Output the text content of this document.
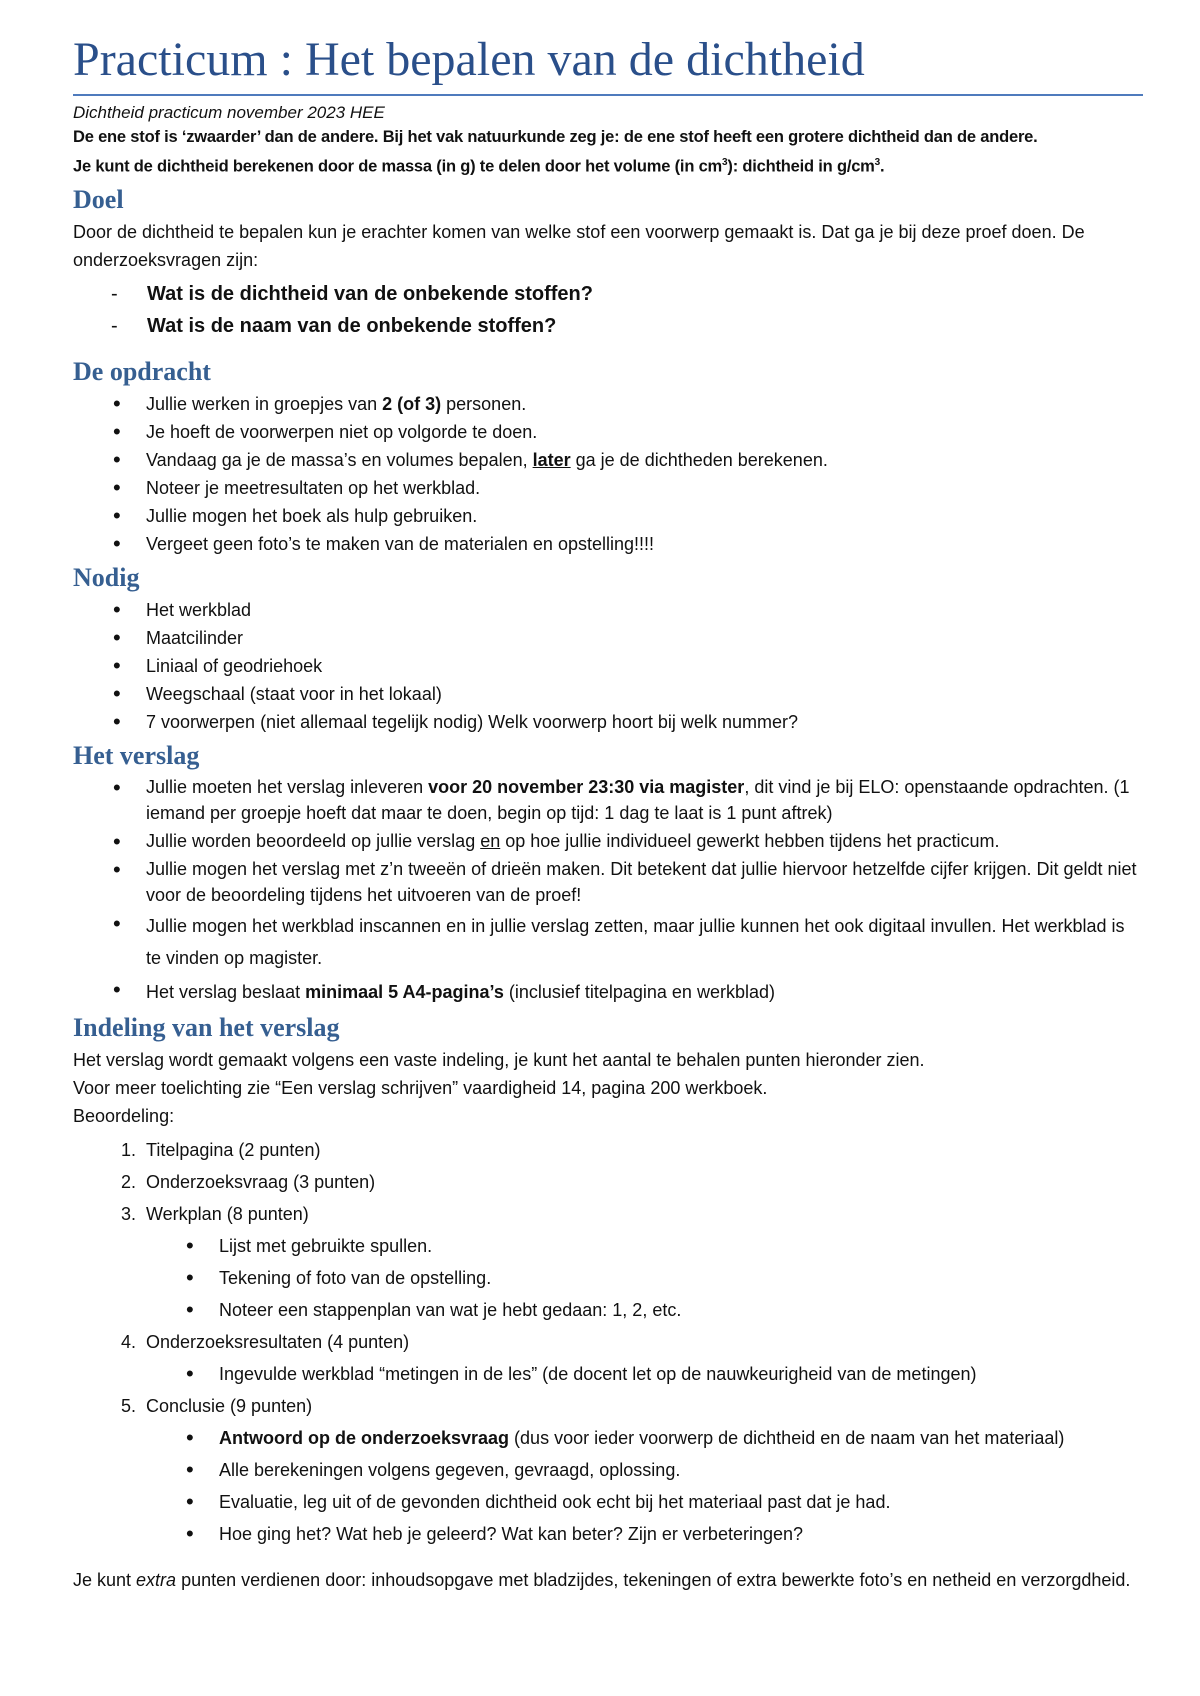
Practicum : Het bepalen van de dichtheid
Dichtheid practicum november 2023 HEE
De ene stof is ‘zwaarder’ dan de andere. Bij het vak natuurkunde zeg je: de ene stof heeft een grotere dichtheid dan de andere.
Je kunt de dichtheid berekenen door de massa (in g) te delen door het volume (in $cm^3$): dichtheid in $g/cm^3$.
Doel

Door de dichtheid te bepalen kun je erachter komen van welke stof een voorwerp gemaakt is. Dat ga je bij deze proef doen. De onderzoeksvragen zijn:

- Wat is de dichtheid van de onbekende stoffen?
- Wat is de naam van de onbekende stoffen?
De opdracht
• Jullie werken in groepjes van 2 (of 3) personen.
• Je hoeft de voorwerpen niet op volgorde te doen.
• Vandaag ga je de massa’s en volumes bepalen, later ga je de dichtheden berekenen.
• Noteer je meetresultaten op het werkblad.
• Jullie mogen het boek als hulp gebruiken.
• Vergeet geen foto’s te maken van de materialen en opstelling!!!!
Nodig
• Het werkblad
• Maatcilinder
• Liniaal of geodriehoek
• Weegschaal (staat voor in het lokaal)
• 7 voorwerpen (niet allemaal tegelijk nodig) Welk voorwerp hoort bij welk nummer?
Het verslag
• Jullie moeten het verslag inleveren voor 20 november 23:30 via magister, dit vind je bij ELO: openstaande opdrachten. (1 iemand per groepje hoeft dat maar te doen, begin op tijd: 1 dag te laat is 1 punt aftrek)
• Jullie worden beoordeeld op jullie verslag en op hoe jullie individueel gewerkt hebben tijdens het practicum.
• Jullie mogen het verslag met z’n tweeën of drieën maken. Dit betekent dat jullie hiervoor hetzelfde cijfer krijgen. Dit geldt niet voor de beoordeling tijdens het uitvoeren van de proef!
• Jullie mogen het werkblad inscannen en in jullie verslag zetten, maar jullie kunnen het ook digitaal invullen. Het werkblad is te vinden op magister.
• Het verslag beslaat minimaal 5 A4-pagina’s (inclusief titelpagina en werkblad)
Indeling van het verslag

Het verslag wordt gemaakt volgens een vaste indeling, je kunt het aantal te behalen punten hieronder zien.

Voor meer toelichting zie “Een verslag schrijven” vaardigheid 14, pagina 200 werkboek.

Beoordeling:

1. Titelpagina (2 punten)
2. Onderzoeksvraag (3 punten)
3. Werkplan (8 punten)
• Lijst met gebruikte spullen.
• Tekening of foto van de opstelling.
• Noteer een stappenplan van wat je hebt gedaan: 1, 2, etc.
4. Onderzoeksresultaten (4 punten)
• Ingevulde werkblad “metingen in de les” (de docent let op de nauwkeurigheid van de metingen)
5. Conclusie (9 punten)
• Antwoord op de onderzoeksvraag (dus voor ieder voorwerp de dichtheid en de naam van het materiaal)
• Alle berekeningen volgens gegeven, gevraagd, oplossing.
• Evaluatie, leg uit of de gevonden dichtheid ook echt bij het materiaal past dat je had.
• Hoe ging het? Wat heb je geleerd? Wat kan beter? Zijn er verbeteringen?

Je kunt extra punten verdienen door: inhoudsopgave met bladzijdes, tekeningen of extra bewerkte foto’s en netheid en verzorgdheid.
